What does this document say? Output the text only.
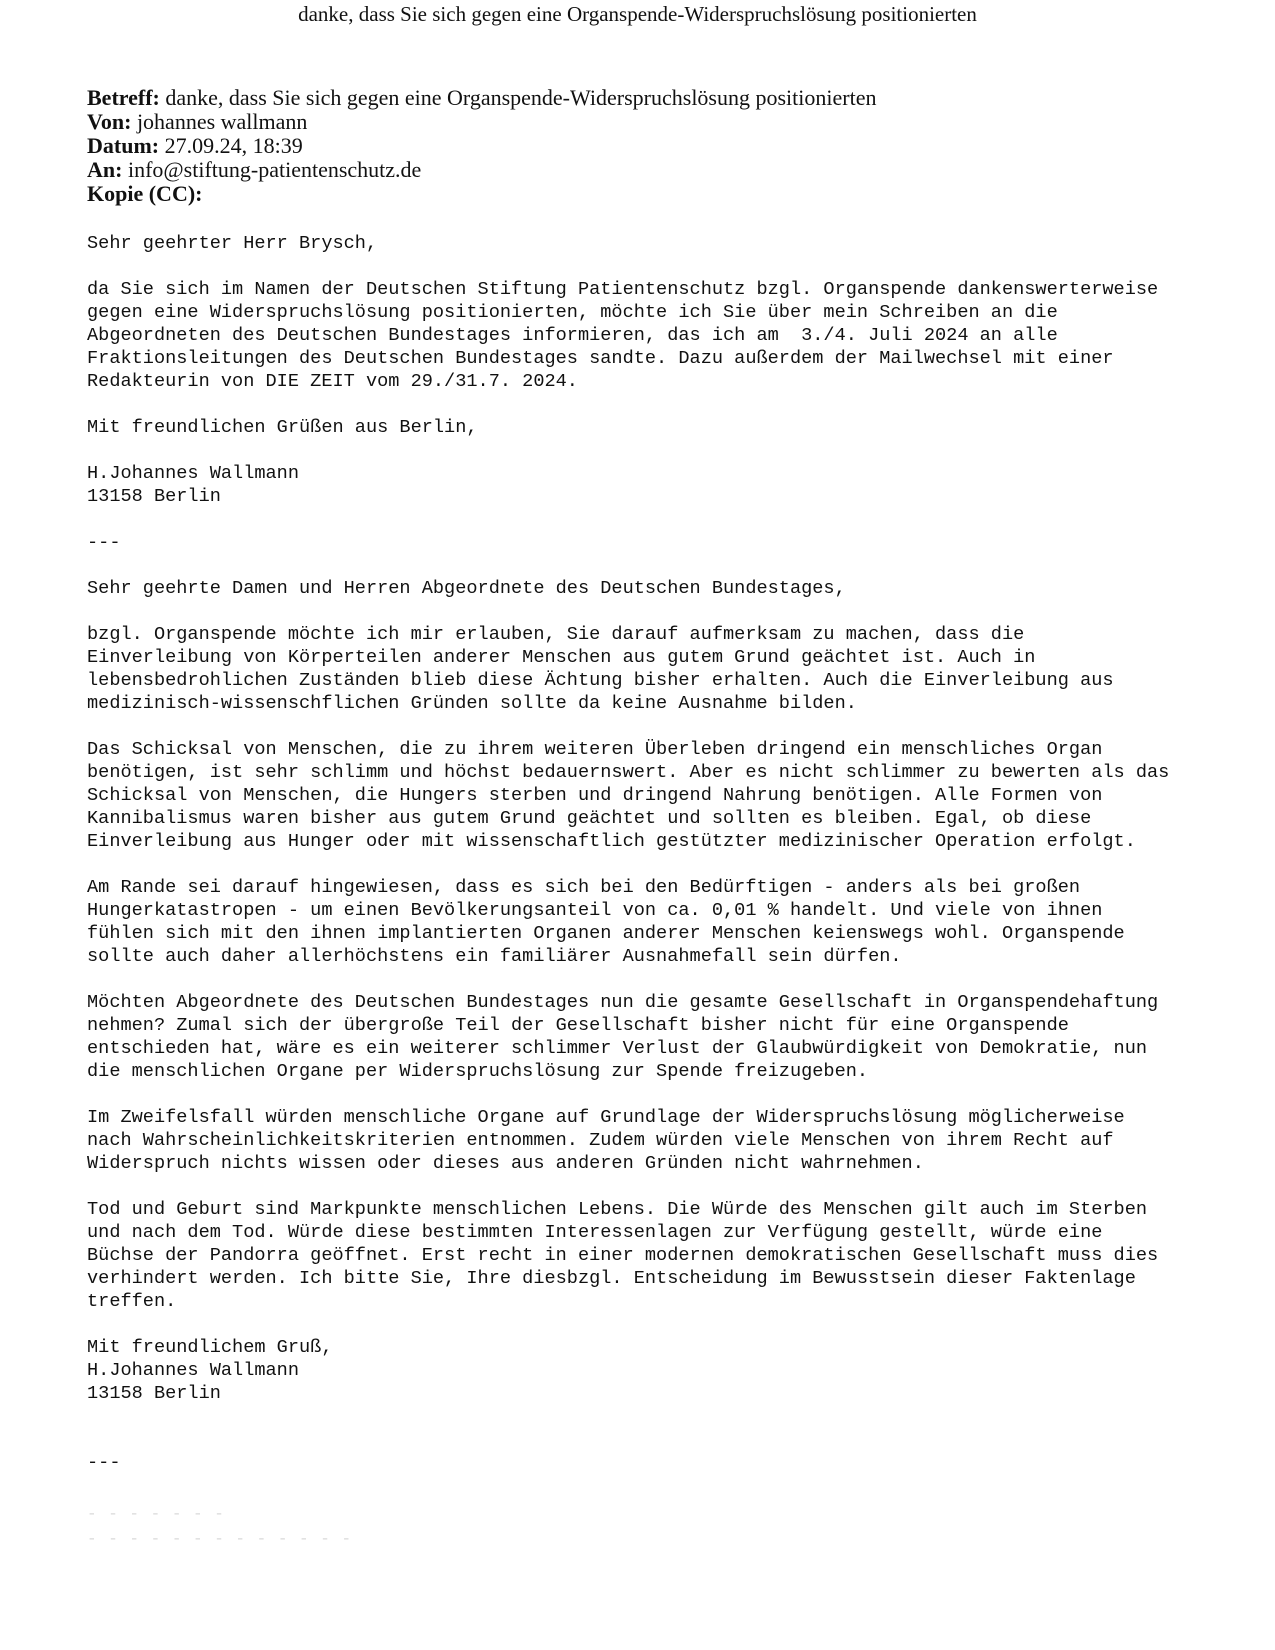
danke, dass Sie sich gegen eine Organspende-Widerspruchslösung positionierten
Betreff: danke, dass Sie sich gegen eine Organspende-Widerspruchslösung positionierten
Von: johannes wallmann
Datum: 27.09.24, 18:39
An: info@stiftung-patientenschutz.de
Kopie (CC):
Sehr geehrter Herr Brysch,
da Sie sich im Namen der Deutschen Stiftung Patientenschutz bzgl. Organspende dankenswerterweise
gegen eine Widerspruchslösung positionierten, möchte ich Sie über mein Schreiben an die
Abgeordneten des Deutschen Bundestages informieren, das ich am  3./4. Juli 2024 an alle
Fraktionsleitungen des Deutschen Bundestages sandte. Dazu außerdem der Mailwechsel mit einer
Redakteurin von DIE ZEIT vom 29./31.7. 2024.
Mit freundlichen Grüßen aus Berlin,
H.Johannes Wallmann
13158 Berlin
---
Sehr geehrte Damen und Herren Abgeordnete des Deutschen Bundestages,
bzgl. Organspende möchte ich mir erlauben, Sie darauf aufmerksam zu machen, dass die
Einverleibung von Körperteilen anderer Menschen aus gutem Grund geächtet ist. Auch in
lebensbedrohlichen Zuständen blieb diese Ächtung bisher erhalten. Auch die Einverleibung aus
medizinisch-wissenschflichen Gründen sollte da keine Ausnahme bilden.
Das Schicksal von Menschen, die zu ihrem weiteren Überleben dringend ein menschliches Organ
benötigen, ist sehr schlimm und höchst bedauernswert. Aber es nicht schlimmer zu bewerten als das
Schicksal von Menschen, die Hungers sterben und dringend Nahrung benötigen. Alle Formen von
Kannibalismus waren bisher aus gutem Grund geächtet und sollten es bleiben. Egal, ob diese
Einverleibung aus Hunger oder mit wissenschaftlich gestützter medizinischer Operation erfolgt.
Am Rande sei darauf hingewiesen, dass es sich bei den Bedürftigen - anders als bei großen
Hungerkatastropen - um einen Bevölkerungsanteil von ca. 0,01 % handelt. Und viele von ihnen
fühlen sich mit den ihnen implantierten Organen anderer Menschen keienswegs wohl. Organspende
sollte auch daher allerhöchstens ein familiärer Ausnahmefall sein dürfen.
Möchten Abgeordnete des Deutschen Bundestages nun die gesamte Gesellschaft in Organspendehaftung
nehmen? Zumal sich der übergroße Teil der Gesellschaft bisher nicht für eine Organspende
entschieden hat, wäre es ein weiterer schlimmer Verlust der Glaubwürdigkeit von Demokratie, nun
die menschlichen Organe per Widerspruchslösung zur Spende freizugeben.
Im Zweifelsfall würden menschliche Organe auf Grundlage der Widerspruchslösung möglicherweise
nach Wahrscheinlichkeitskriterien entnommen. Zudem würden viele Menschen von ihrem Recht auf
Widerspruch nichts wissen oder dieses aus anderen Gründen nicht wahrnehmen.
Tod und Geburt sind Markpunkte menschlichen Lebens. Die Würde des Menschen gilt auch im Sterben
und nach dem Tod. Würde diese bestimmten Interessenlagen zur Verfügung gestellt, würde eine
Büchse der Pandorra geöffnet. Erst recht in einer modernen demokratischen Gesellschaft muss dies
verhindert werden. Ich bitte Sie, Ihre diesbzgl. Entscheidung im Bewusstsein dieser Faktenlage
treffen.
Mit freundlichem Gruß,
H.Johannes Wallmann
13158 Berlin
---
‐ ‐ ‐ ‐ ‐ ‐ ‐
‐ ‐ ‐ ‐ ‐ ‐ ‐ ‐ ‐ ‐ ‐ ‐ ‐
